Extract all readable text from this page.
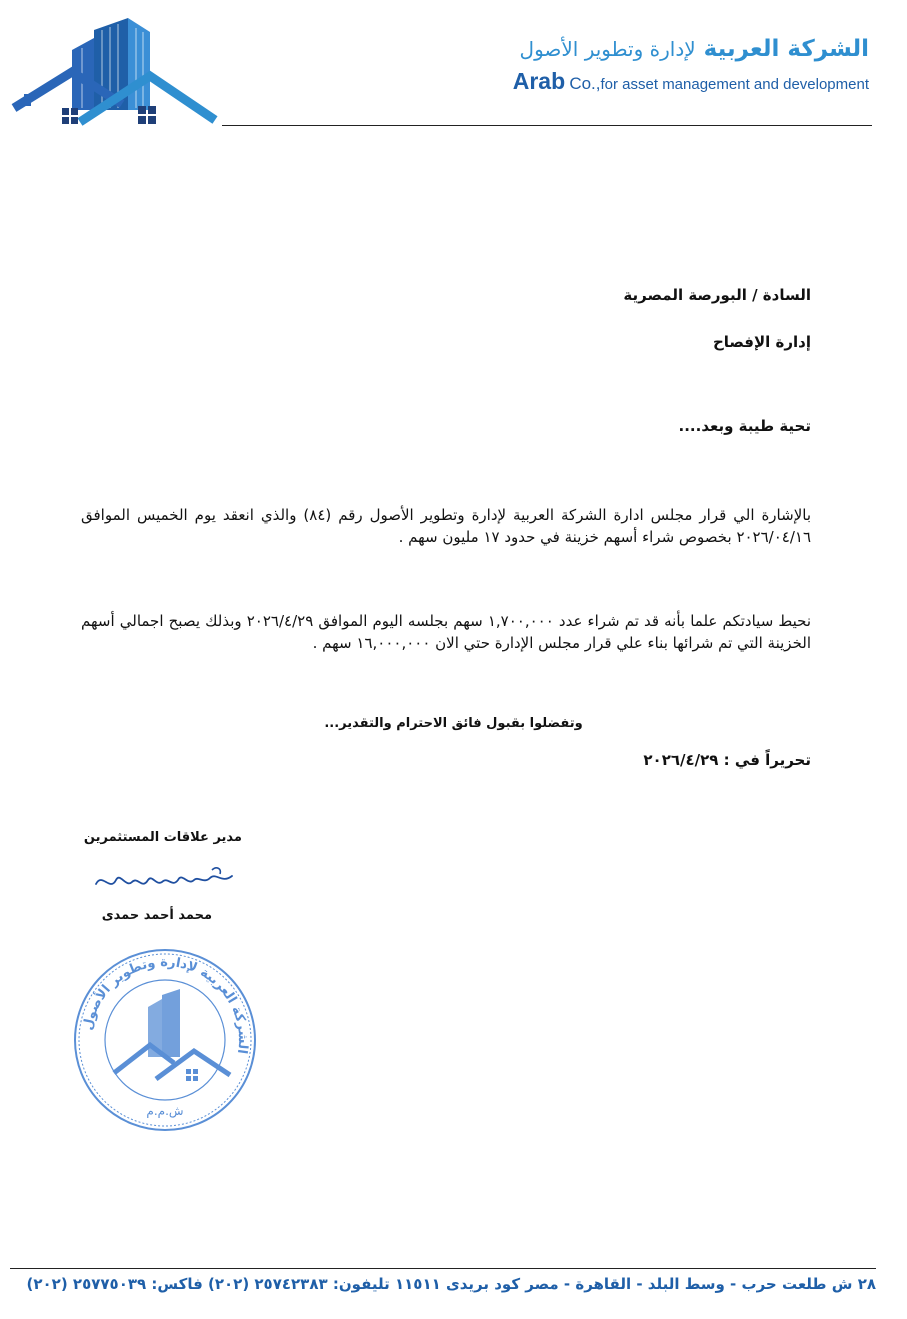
الشركة العربية لإدارة وتطوير الأصول
Arab Co.,for asset management and development
السادة / البورصة المصرية
إدارة الإفصاح
تحية طيبة وبعد....
بالإشارة الي قرار مجلس ادارة الشركة العربية لإدارة وتطوير الأصول رقم (٨٤) والذي انعقد يوم الخميس الموافق ٢٠٢٦/٠٤/١٦ بخصوص شراء أسهم خزينة في حدود ١٧ مليون سهم .
نحيط سيادتكم علما بأنه قد تم شراء عدد ١,٧٠٠,٠٠٠ سهم بجلسه اليوم الموافق ٢٠٢٦/٤/٢٩ وبذلك يصبح اجمالي أسهم الخزينة التي تم شرائها بناء علي قرار مجلس الإدارة حتي الان ١٦,٠٠٠,٠٠٠ سهم .
وتفضلوا بقبول فائق الاحترام والتقدير...
تحريراً في : ٢٠٢٦/٤/٢٩
مدير علاقات المستثمرين
محمد أحمد حمدى
الشركة العربية لإدارة وتطوير الأصول
ش.م.م
٢٨ ش طلعت حرب - وسط البلد - القاهرة - مصر كود بريدى ١١٥١١ تليفون: ٢٥٧٤٢٣٨٣ (٢٠٢) فاكس: ٢٥٧٧٥٠٣٩ (٢٠٢)
